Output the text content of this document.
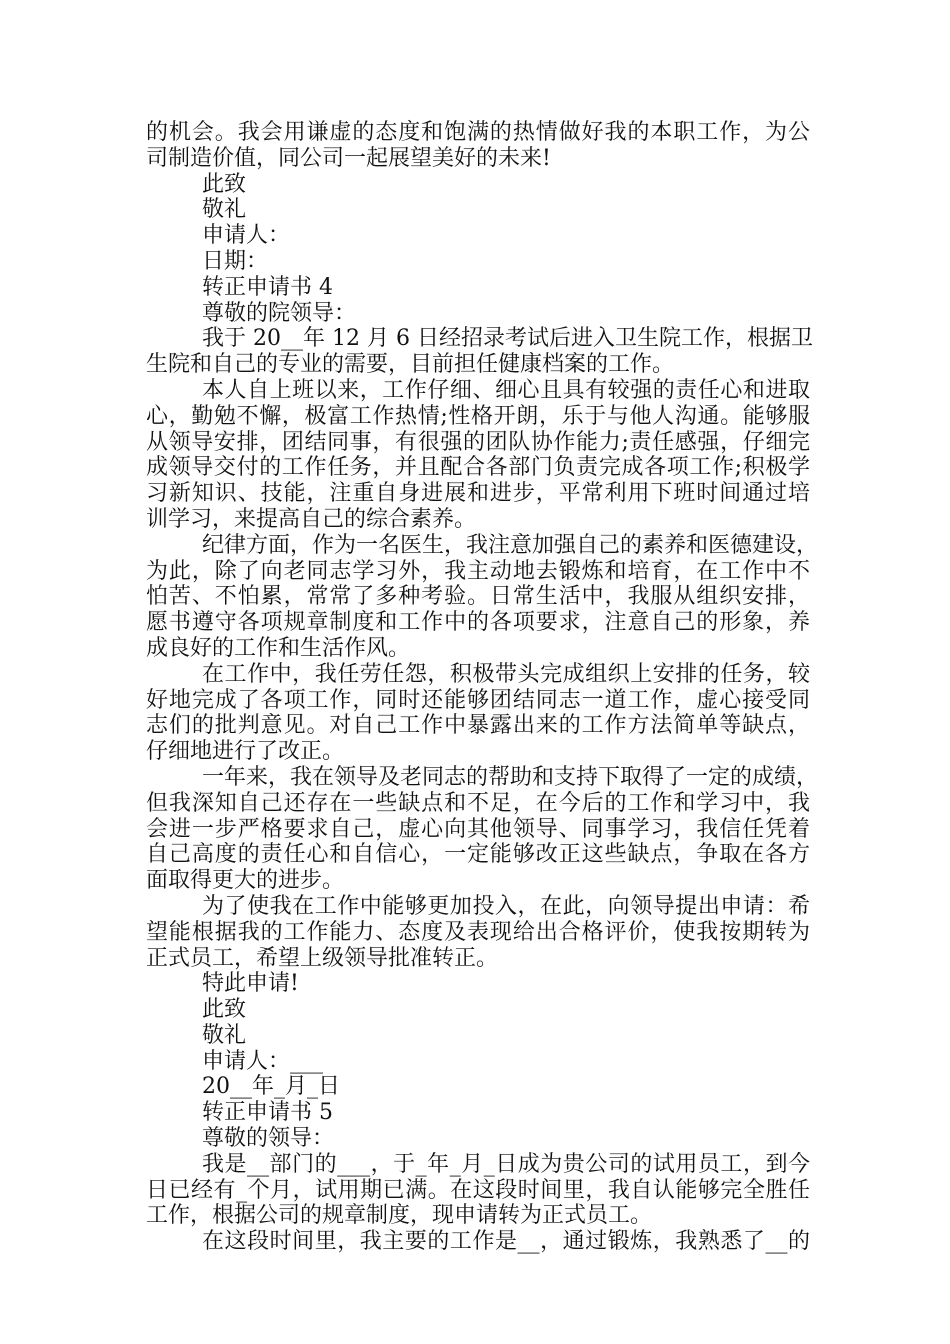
的机会。我会用谦虚的态度和饱满的热情做好我的本职工作，为公
司制造价值，同公司一起展望美好的未来!
此致
敬礼
申请人：
日期：
转正申请书 4
尊敬的院领导：
我于 20__年 12 月 6 日经招录考试后进入卫生院工作，根据卫
生院和自己的专业的需要，目前担任健康档案的工作。
本人自上班以来，工作仔细、细心且具有较强的责任心和进取
心，勤勉不懈，极富工作热情;性格开朗，乐于与他人沟通。能够服
从领导安排，团结同事，有很强的团队协作能力;责任感强，仔细完
成领导交付的工作任务，并且配合各部门负责完成各项工作;积极学
习新知识、技能，注重自身进展和进步，平常利用下班时间通过培
训学习，来提高自己的综合素养。
纪律方面，作为一名医生，我注意加强自己的素养和医德建设，
为此，除了向老同志学习外，我主动地去锻炼和培育，在工作中不
怕苦、不怕累，常常了多种考验。日常生活中，我服从组织安排，
愿书遵守各项规章制度和工作中的各项要求，注意自己的形象，养
成良好的工作和生活作风。
在工作中，我任劳任怨，积极带头完成组织上安排的任务，较
好地完成了各项工作，同时还能够团结同志一道工作，虚心接受同
志们的批判意见。对自己工作中暴露出来的工作方法简单等缺点，
仔细地进行了改正。
一年来，我在领导及老同志的帮助和支持下取得了一定的成绩，
但我深知自己还存在一些缺点和不足，在今后的工作和学习中，我
会进一步严格要求自己，虚心向其他领导、同事学习，我信任凭着
自己高度的责任心和自信心，一定能够改正这些缺点，争取在各方
面取得更大的进步。
为了使我在工作中能够更加投入，在此，向领导提出申请：希
望能根据我的工作能力、态度及表现给出合格评价，使我按期转为
正式员工，希望上级领导批准转正。
特此申请!
此致
敬礼
申请人：___
20__年_月_日
转正申请书 5
尊敬的领导：
我是__部门的___，于_年_月_日成为贵公司的试用员工，到今
日已经有_个月，试用期已满。在这段时间里，我自认能够完全胜任
工作，根据公司的规章制度，现申请转为正式员工。
在这段时间里，我主要的工作是__，通过锻炼，我熟悉了__的
